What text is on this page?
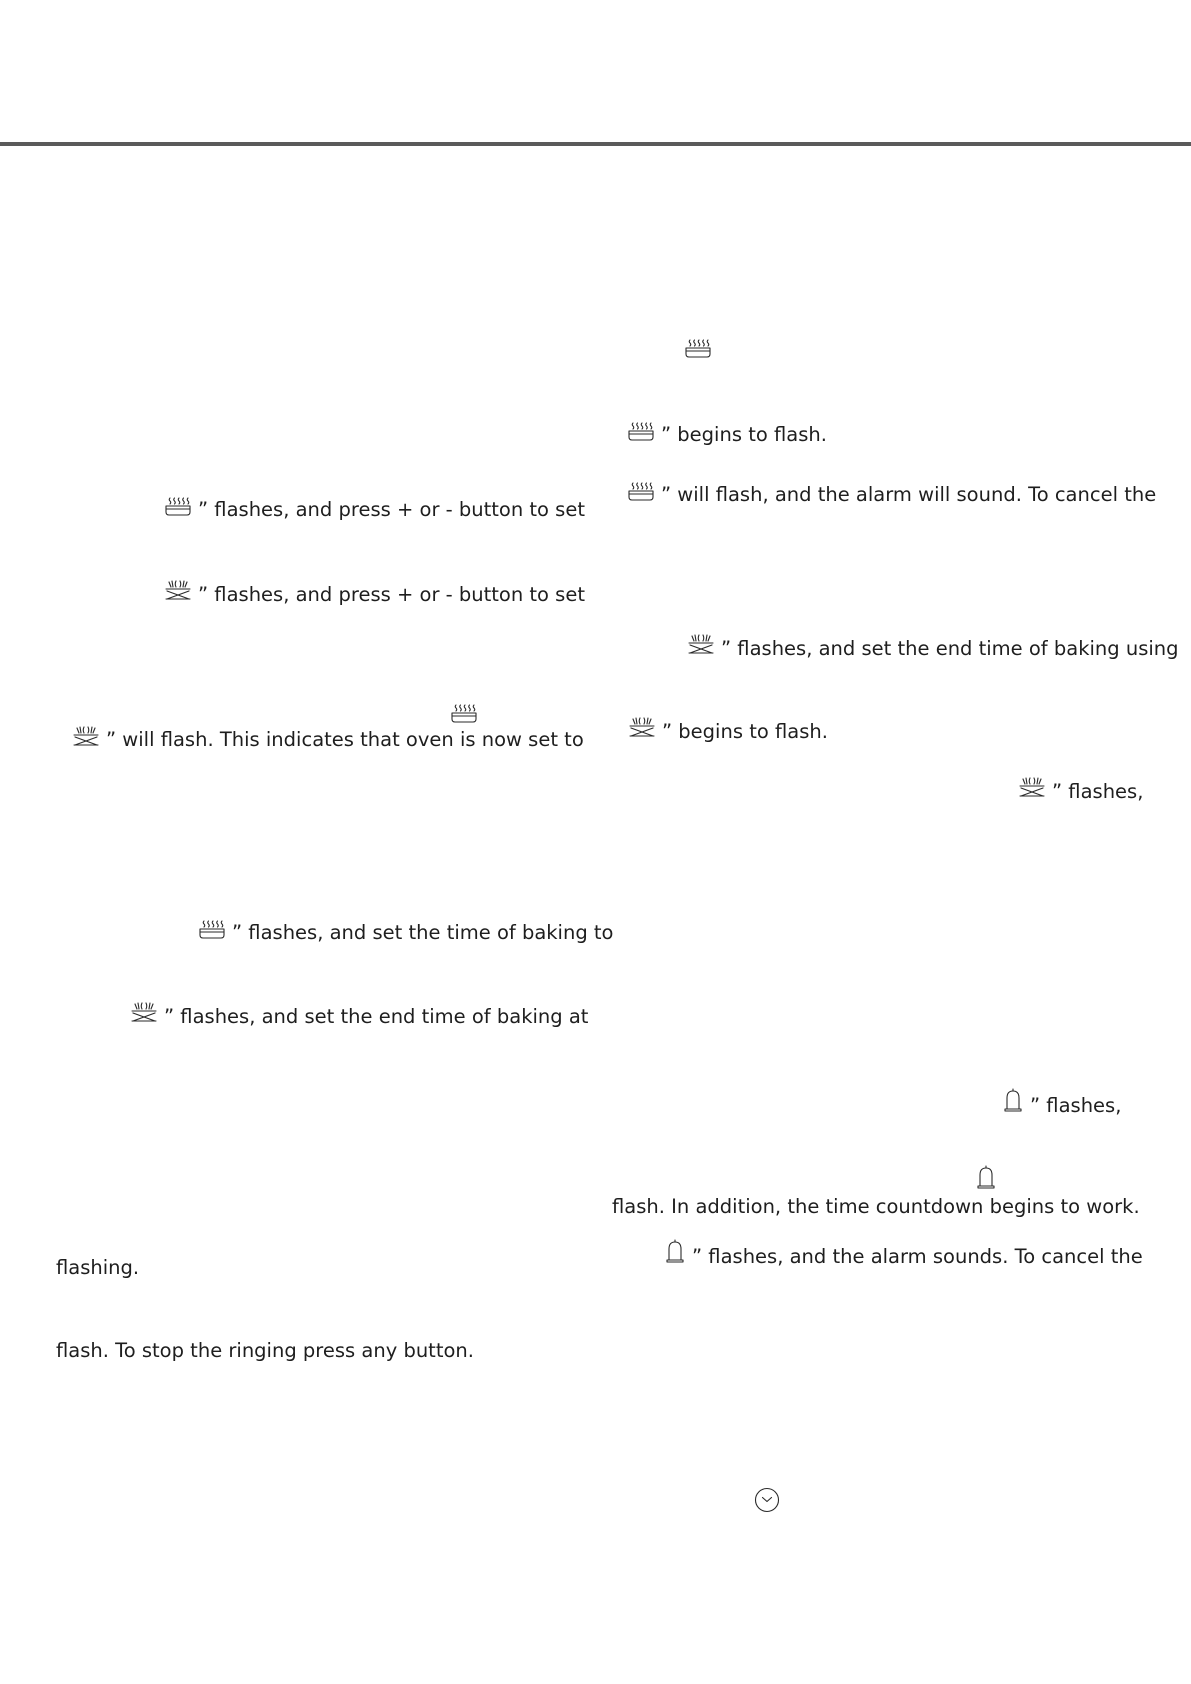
” flashes, and press + or - button to set
” flashes, and press + or - button to set
” will flash. This indicates that oven is now set to
” flashes, and set the time of baking to
” flashes, and set the end time of baking at
flashing.
flash. To stop the ringing press any button.
” begins to flash.
” will flash, and the alarm will sound. To cancel the
” flashes, and set the end time of baking using
” begins to flash.
” flashes,
” flashes,
flash. In addition, the time countdown begins to work.
” flashes, and the alarm sounds. To cancel the
